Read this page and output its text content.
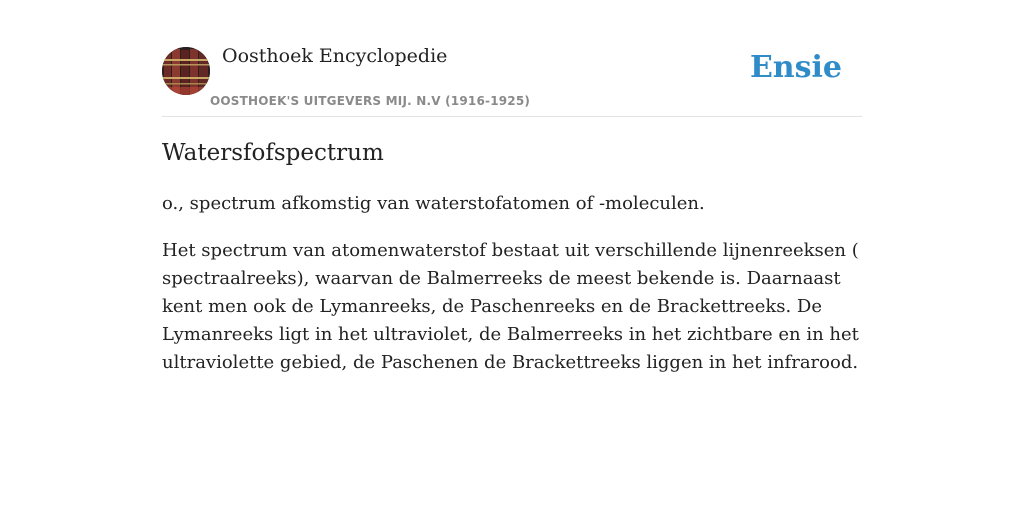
Oosthoek Encyclopedie
OOSTHOEK'S UITGEVERS MIJ. N.V (1916-1925)
Ensie
Watersfofspectrum

o., spectrum afkomstig van waterstofatomen of -moleculen.

Het spectrum van atomenwaterstof bestaat uit verschillende lijnenreeksen ( spectraalreeks), waarvan de Balmerreeks de meest bekende is. Daarnaast kent men ook de Lymanreeks, de Paschenreeks en de Brackettreeks. De Lymanreeks ligt in het ultraviolet, de Balmerreeks in het zichtbare en in het ultraviolette gebied, de Paschenen de Brackettreeks liggen in het infrarood.
